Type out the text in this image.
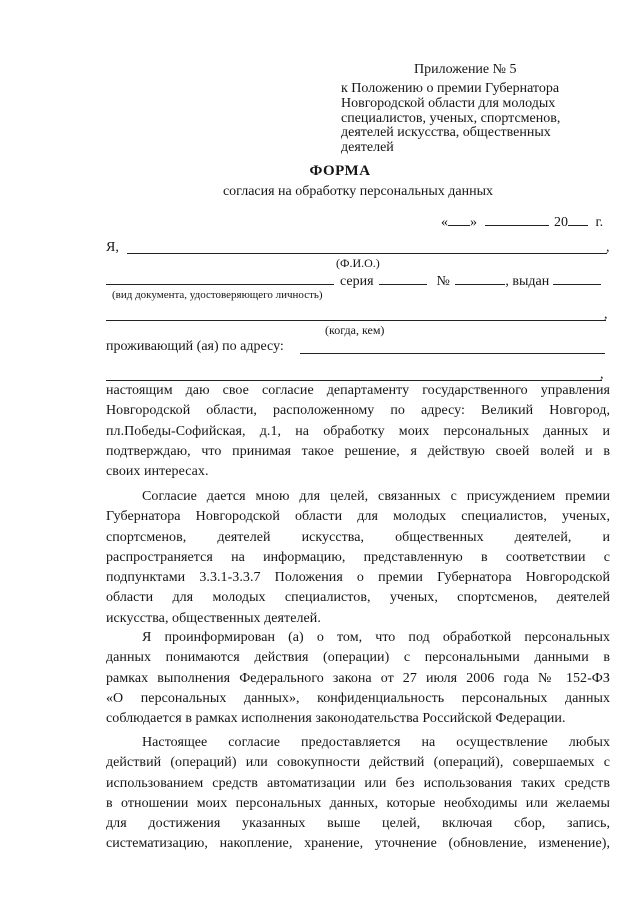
Приложение № 5
к Положению о премии Губернатора
Новгородской области для молодых
специалистов, ученых, спортсменов,
деятелей искусства, общественных
деятелей
ФОРМА
согласия на обработку персональных данных
« »	20 г.
Я,	,
(Ф.И.О.)
серия	№	, выдан
(вид документа, удостоверяющего личность)
,
(когда, кем)
проживающий (ая) по адресу:
,
настоящим даю свое согласие департаменту государственного управления
Новгородской области, расположенному по адресу: Великий Новгород,
пл.Победы-Софийская, д.1, на обработку моих персональных данных и
подтверждаю, что принимая такое решение, я действую своей волей и в
своих интересах.
Согласие дается мною для целей, связанных с присуждением премии
Губернатора Новгородской области для молодых специалистов, ученых,
спортсменов, деятелей искусства, общественных деятелей, и
распространяется на информацию, представленную в соответствии с
подпунктами 3.3.1-3.3.7 Положения о премии Губернатора Новгородской
области для молодых специалистов, ученых, спортсменов, деятелей
искусства, общественных деятелей.
Я проинформирован (а) о том, что под обработкой персональных
данных понимаются действия (операции) с персональными данными в
рамках выполнения Федерального закона от 27 июля 2006 года № 152-ФЗ
«О персональных данных», конфиденциальность персональных данных
соблюдается в рамках исполнения законодательства Российской Федерации.
Настоящее согласие предоставляется на осуществление любых
действий (операций) или совокупности действий (операций), совершаемых с
использованием средств автоматизации или без использования таких средств
в отношении моих персональных данных, которые необходимы или желаемы
для достижения указанных выше целей, включая сбор, запись,
систематизацию, накопление, хранение, уточнение (обновление, изменение),
